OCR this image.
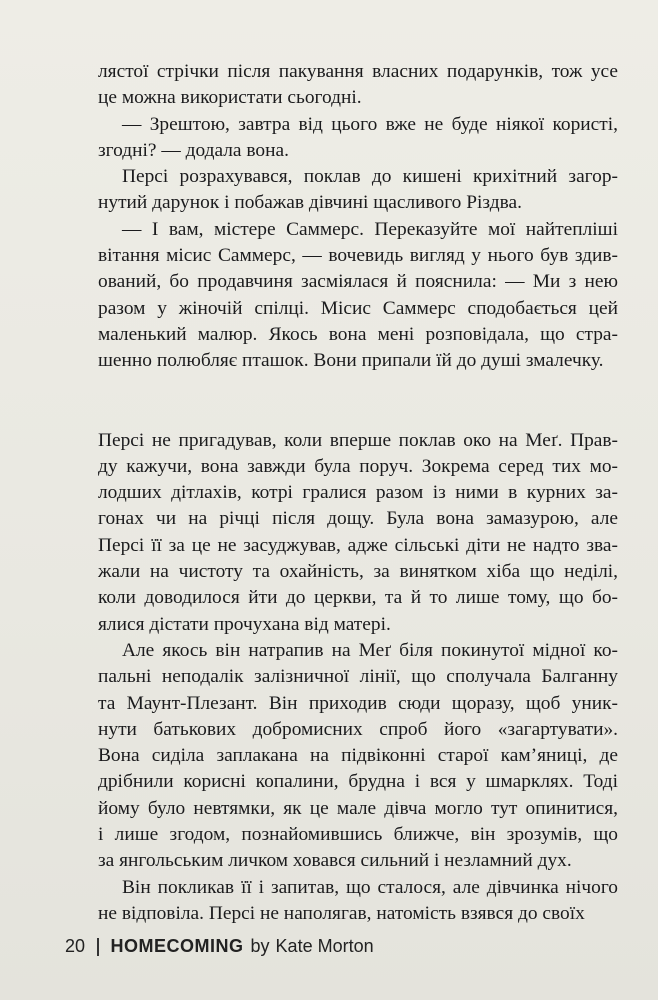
лястої стрічки після пакування власних подарунків, тож усе
це можна використати сьогодні.
— Зрештою, завтра від цього вже не буде ніякої користі,
згодні? — додала вона.
Персі розрахувався, поклав до кишені крихітний загор-
нутий дарунок і побажав дівчині щасливого Різдва.
— І вам, містере Саммерс. Переказуйте мої найтепліші
вітання місис Саммерс, — вочевидь вигляд у нього був здив-
ований, бо продавчиня засміялася й пояснила: — Ми з нею
разом у жіночій спілці. Місис Саммерс сподобається цей
маленький малюр. Якось вона мені розповідала, що стра-
шенно полюбляє пташок. Вони припали їй до душі змалечку.
Персі не пригадував, коли вперше поклав око на Меґ. Прав-
ду кажучи, вона завжди була поруч. Зокрема серед тих мо-
лодших дітлахів, котрі гралися разом із ними в курних за-
гонах чи на річці після дощу. Була вона замазурою, але
Персі її за це не засуджував, адже сільські діти не надто зва-
жали на чистоту та охайність, за винятком хіба що неділі,
коли доводилося йти до церкви, та й то лише тому, що бо-
ялися дістати прочухана від матері.
Але якось він натрапив на Меґ біля покинутої мідної ко-
пальні неподалік залізничної лінії, що сполучала Балганну
та Маунт-Плезант. Він приходив сюди щоразу, щоб уник-
нути батькових добромисних спроб його «загартувати».
Вона сиділа заплакана на підвіконні старої кам’яниці, де
дрібнили корисні копалини, брудна і вся у шмарклях. Тоді
йому було невтямки, як це мале дівча могло тут опинитися,
і лише згодом, познайомившись ближче, він зрозумів, що
за янгольським личком ховався сильний і незламний дух.
Він покликав її і запитав, що сталося, але дівчинка нічого
не відповіла. Персі не наполягав, натомість взявся до своїх
20 HOMECOMING by Kate Morton
